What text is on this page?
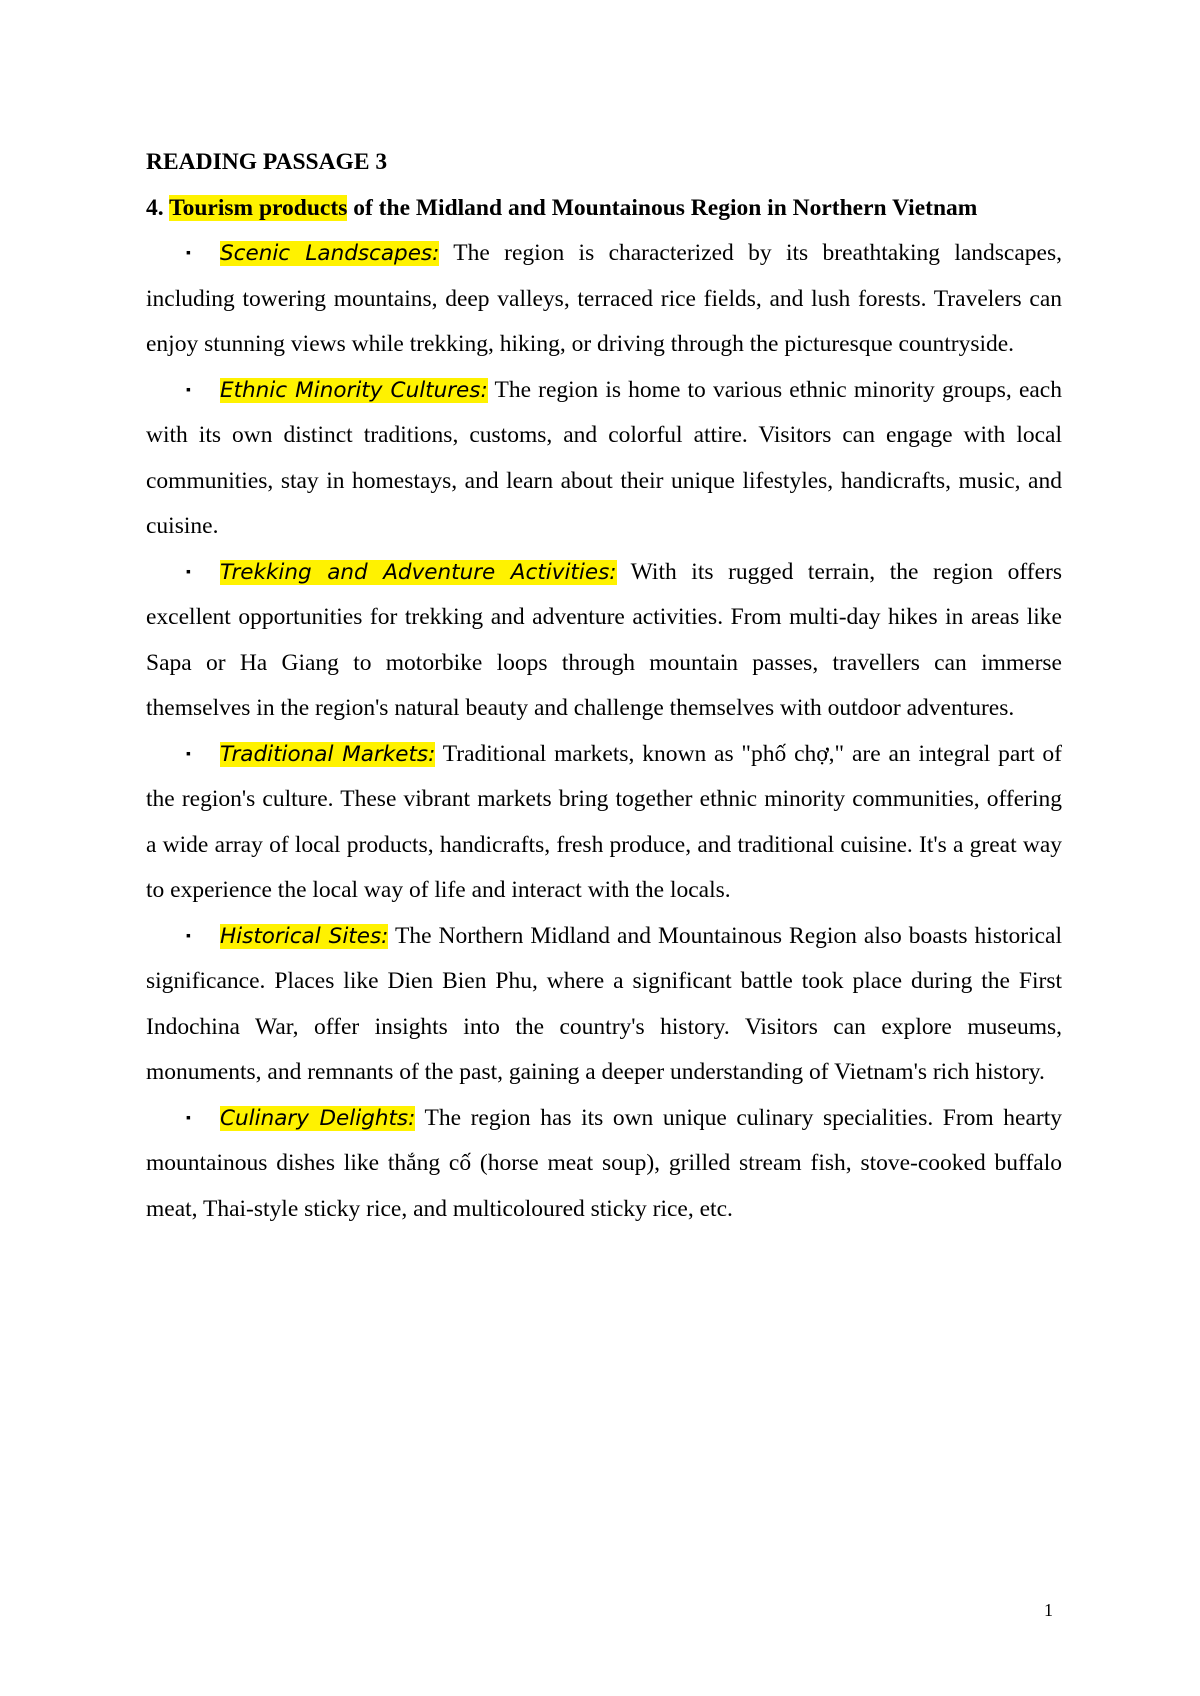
READING PASSAGE 3

4. Tourism products of the Midland and Mountainous Region in Northern Vietnam

▪ Scenic Landscapes: The region is characterized by its breathtaking landscapes, including towering mountains, deep valleys, terraced rice fields, and lush forests. Travelers can enjoy stunning views while trekking, hiking, or driving through the picturesque countryside.

▪ Ethnic Minority Cultures: The region is home to various ethnic minority groups, each with its own distinct traditions, customs, and colorful attire. Visitors can engage with local communities, stay in homestays, and learn about their unique lifestyles, handicrafts, music, and cuisine.

▪ Trekking and Adventure Activities: With its rugged terrain, the region offers excellent opportunities for trekking and adventure activities. From multi-day hikes in areas like Sapa or Ha Giang to motorbike loops through mountain passes, travellers can immerse themselves in the region's natural beauty and challenge themselves with outdoor adventures.

▪ Traditional Markets: Traditional markets, known as "phố chợ," are an integral part of the region's culture. These vibrant markets bring together ethnic minority communities, offering a wide array of local products, handicrafts, fresh produce, and traditional cuisine. It's a great way to experience the local way of life and interact with the locals.

▪ Historical Sites: The Northern Midland and Mountainous Region also boasts historical significance. Places like Dien Bien Phu, where a significant battle took place during the First Indochina War, offer insights into the country's history. Visitors can explore museums, monuments, and remnants of the past, gaining a deeper understanding of Vietnam's rich history.

▪ Culinary Delights: The region has its own unique culinary specialities. From hearty mountainous dishes like thắng cố (horse meat soup), grilled stream fish, stove-cooked buffalo meat, Thai-style sticky rice, and multicoloured sticky rice, etc.

1
